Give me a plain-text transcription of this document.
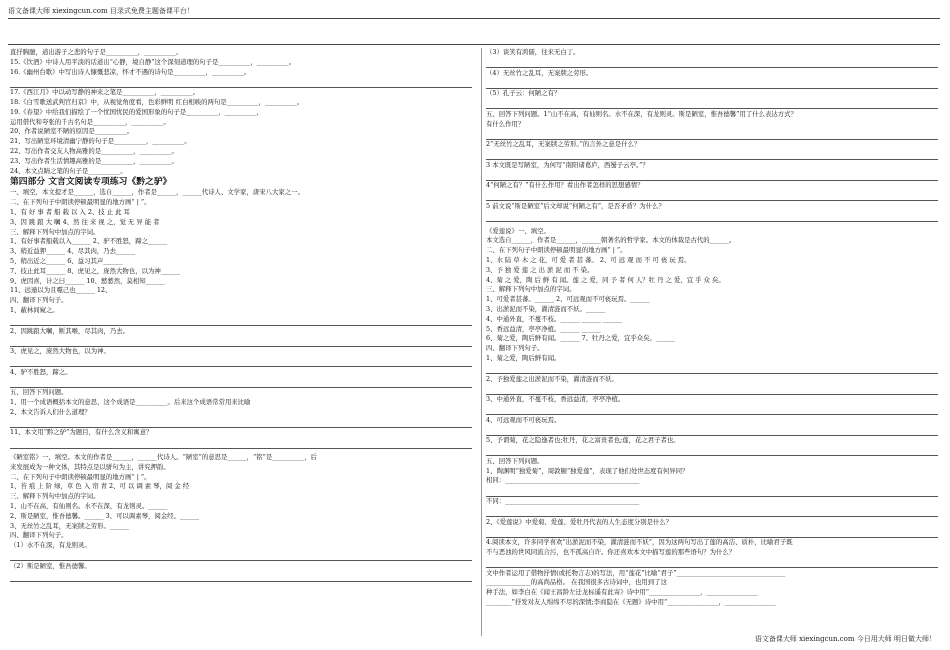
语文备课大师 xiexingcun.com 目录式免费主题备课平台！
直抒胸臆，道出游子之悲的句子是__________，__________。
15.《饮酒》中诗人用平淡的话道出“心静，境自静”这个深刻道理的句子是__________，__________。
16.《幽州台歌》中写出诗人慷慨悲凉，怀才不遇的诗句是__________，__________。
17.《西江月》中以动写静的神来之笔是__________，__________。
18.《白雪歌送武判官归京》中，从视觉角度看，色彩鲜明 红白相映的两句是__________，__________。
19.《春望》中给我们描绘了一个忧国忧民的爱国形象的句子是__________，__________，
运用借代和夸张的千古名句是__________，__________。
20、作者说陋室不陋的原因是__________。
21、写出陋室环境清幽宁静的句子是__________，__________。
22、写出作者交友人物高雅的是__________，__________。
23、写出作者生活情趣高雅的是__________，__________。
24、本文点睛之笔的句子是__________。
第四部分 文言文阅读专项练习《黔之驴》
一、填空，本文提才是______，选自______，作者是______，______代诗人、文学家，唐宋八大家之一。
二、在下列句子中朗读停顿最明显的地方画“ | ”。
1、有 好 事 者 船 载 以 入 2、技 止 此 耳
3、因 跳 踉 大 㘎 4、然 往 来 视 之，觉 无 异 能 者
三、解释下列句中加点的字词。
1、有好事者船载以入______ 2、驴不胜怒，蹄之______
3、稍近益狎______ 4、尽其肉，乃去______
5、稍出近之______ 6、益习其声______
7、技止此耳______ 8、虎见之，庞然大物也，以为神______
9、虎因喜，计之曰______ 10、憖憖然，莫相知______
11、远遁以为且噬己也______ 12、
四、翻译下列句子。
1、蔽林间窥之。
2、因跳踉大㘎，断其喉，尽其肉，乃去。
3、虎见之，庞然大物也，以为神。
4、驴不胜怒，蹄之。
五、回答下列问题。
1、用一个成语概括本文的意思，这个成语是__________。后来这个成语常常用来比喻
2、本文告诉人们什么道理？
11、本文用“黔之驴”为题目，有什么含义和寓意？
《陋室铭》一、填空。本文的作者是______，______代诗人。“陋室”的意思是______，“铭”是__________，后
来发展成为一种文体，其特点是以骈句为主，讲究押韵。
二、在下列句子中朗读停顿最明显的地方画“ | ”。
1、苔 痕 上 阶 绿，草 色 入 帘 青 2、可 以 调 素 琴，阅 金 经
三、解释下列句中加点的字词。
1、山不在高，有仙则名。水不在深，有龙则灵。______
2、斯是陋室，惟吾德馨。______ 3、可以调素琴，阅金经。______
3、无丝竹之乱耳，无案牍之劳形。______
四、翻译下列句子。
（1）水不在深，有龙则灵。
（2）斯是陋室，惟吾德馨。
（3）谈笑有鸿儒，往来无白丁。
（4）无丝竹之乱耳，无案牍之劳形。
（5）孔子云：何陋之有？
五、回答下列问题。1“山不在高，有仙则名。水不在深，有龙则灵。斯是陋室，惟吾德馨”用了什么表达方式？
有什么作用？
2“无丝竹之乱耳，无案牍之劳形。”的言外之意是什么？
3 本文既是写陋室，为何写“南阳诸葛庐，西蜀子云亭。”？
4“何陋之有？”有什么作用？看出作者怎样的思想感情？
5 前文说“斯是陋室”后文却说“何陋之有”，是否矛盾？为什么？
《爱莲说》一、填空。
本文选自______，作者是______，______朝著名的哲学家。本文的体裁是古代的______。
二、在下列句子中朗读停顿最明显的地方画“ | ”。
1、水 陆 草 木 之 花，可 爱 者 甚 蕃。 2、可 远 观 而 不 可 亵 玩 焉。
3、予 独 爱 莲 之 出 淤 泥 而 不 染。
4、菊 之 爱，陶 后 鲜 有 闻。莲 之 爱，同 予 者 何 人？牡 丹 之 爱，宜 乎 众 矣。
三、解释下列句中加点的字词。
1、可爱者甚蕃。______ 2、可远观而不可亵玩焉。______
3、出淤泥而不染，濯清涟而不妖。______
4、中通外直，不蔓不枝。______ ______ ______
5、香远益清，亭亭净植。______ ______
6、菊之爱，陶后鲜有闻。______ 7、牡丹之爱，宜乎众矣。______
四、翻译下列句子。
1、菊之爱，陶后鲜有闻。
2、予独爱莲之出淤泥而不染，濯清涟而不妖。
3、中通外直，不蔓不枝，香远益清，亭亭净植。
4、可远观而不可亵玩焉。
5、予谓菊，花之隐逸者也;牡丹，花之富贵者也;莲，花之君子者也。
五、回答下列问题。
1、陶渊明“独爱菊”，周敦颐“独爱莲”，表现了他们处世态度有何异同？
相同：__________________________________________
不同：__________________________________________
2、《爱莲说》中爱菊、爱莲、爱牡丹代表的人生态度分别是什么？
4.阅读本文，许多同学喜欢“出淤泥而不染，濯清涟而不妖”，因为这两句写出了莲的高洁、质朴，比喻君子既
不与恶浊的世风同流合污，也不孤高自许。你还喜欢本文中描写莲的那些语句？为什么？
文中作者运用了借物抒情(或托物言志)的写法，用“莲花”比喻“君子”__________________________________
______________的高尚品格。 在我国很多古诗词中，也用到了这
种手法，如李白在《闻王昌龄左迁龙标遥有此寄》诗中用“________________，________________
________”抒发对友人绵绵不尽的深情;李商隐在《无题》诗中用“________________，________________
语文备课大师 xiexingcun.com 今日用大师 明日做大师！
